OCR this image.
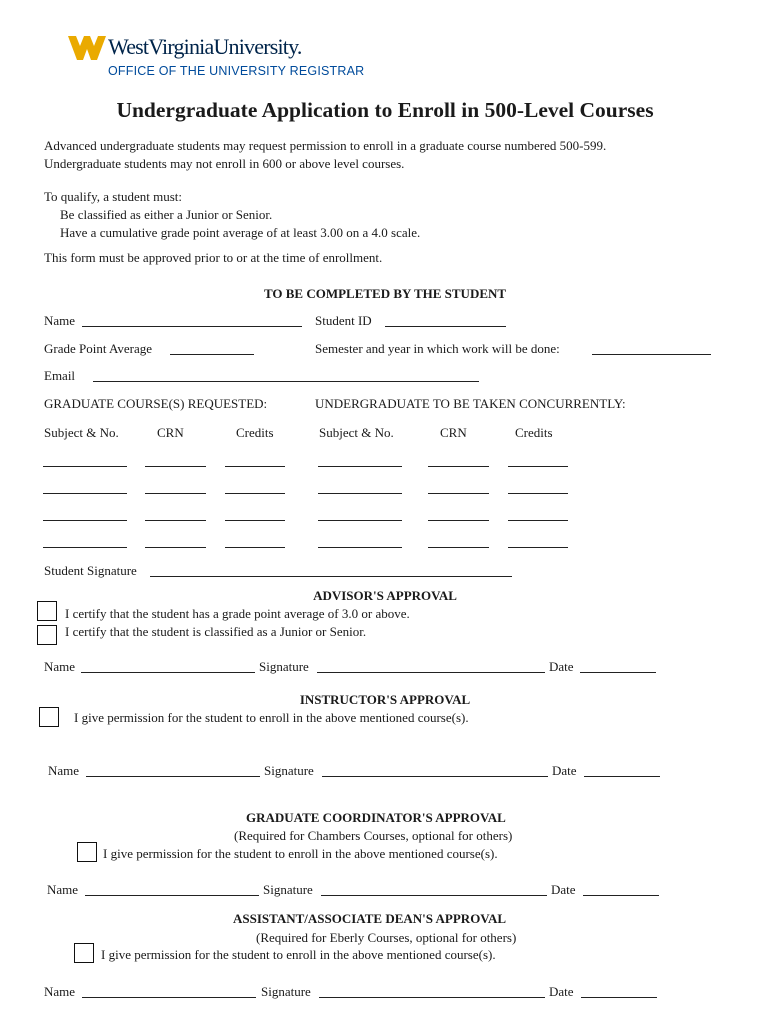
WestVirginiaUniversity.
OFFICE OF THE UNIVERSITY REGISTRAR
Undergraduate Application to Enroll in 500-Level Courses
Advanced undergraduate students may request permission to enroll in a graduate course numbered 500-599.
Undergraduate students may not enroll in 600 or above level courses.
To qualify, a student must:
Be classified as either a Junior or Senior.
Have a cumulative grade point average of at least 3.00 on a 4.0 scale.
This form must be approved prior to or at the time of enrollment.
TO BE COMPLETED BY THE STUDENT
Name	Student ID
Grade Point Average	Semester and year in which work will be done:
Email
GRADUATE COURSE(S) REQUESTED:	UNDERGRADUATE TO BE TAKEN CONCURRENTLY:
Subject & No.	CRN	Credits	Subject & No.	CRN	Credits
Student Signature
ADVISOR'S APPROVAL
I certify that the student has a grade point average of 3.0 or above.
I certify that the student is classified as a Junior or Senior.
Name	Signature	Date
INSTRUCTOR'S APPROVAL
I give permission for the student to enroll in the above mentioned course(s).
Name	Signature	Date
GRADUATE COORDINATOR'S APPROVAL
(Required for Chambers Courses, optional for others)
I give permission for the student to enroll in the above mentioned course(s).
Name	Signature	Date
ASSISTANT/ASSOCIATE DEAN'S APPROVAL
(Required for Eberly Courses, optional for others)
I give permission for the student to enroll in the above mentioned course(s).
Name	Signature	Date
